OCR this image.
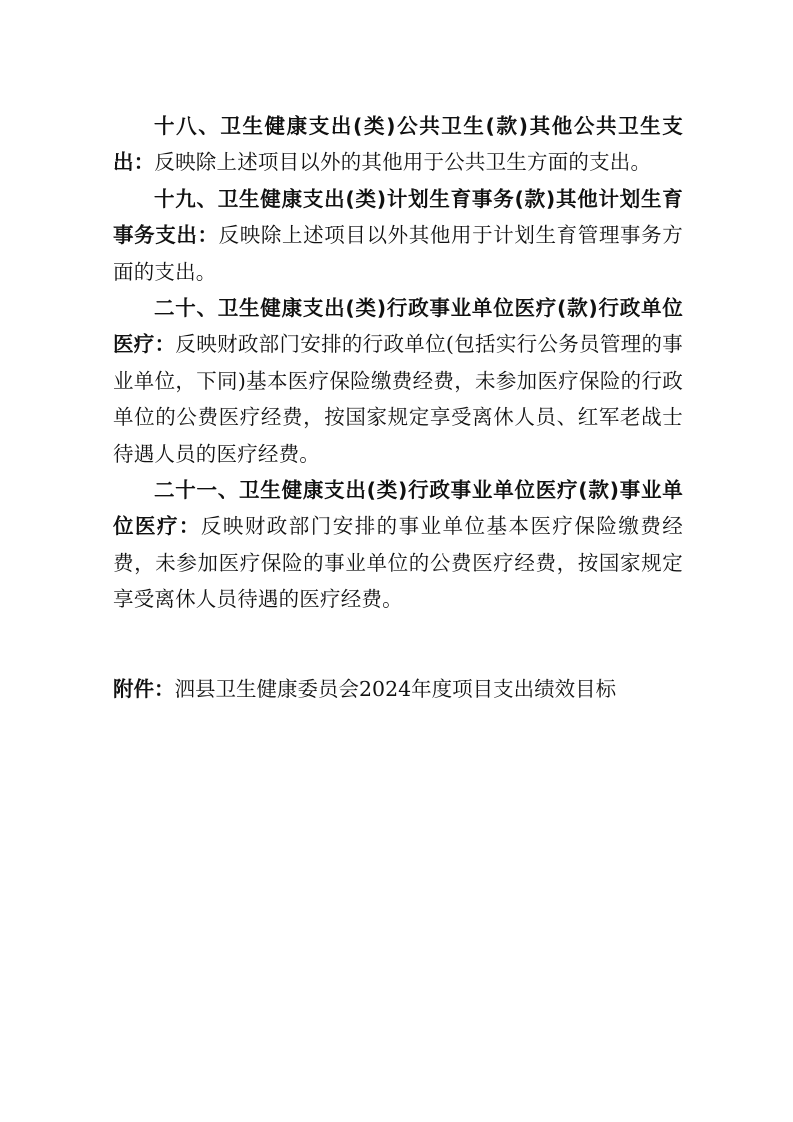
十八、卫生健康支出(类)公共卫生(款)其他公共卫生支出：反映除上述项目以外的其他用于公共卫生方面的支出。

十九、卫生健康支出(类)计划生育事务(款)其他计划生育事务支出：反映除上述项目以外其他用于计划生育管理事务方面的支出。

二十、卫生健康支出(类)行政事业单位医疗(款)行政单位医疗：反映财政部门安排的行政单位(包括实行公务员管理的事业单位，下同)基本医疗保险缴费经费，未参加医疗保险的行政单位的公费医疗经费，按国家规定享受离休人员、红军老战士待遇人员的医疗经费。

二十一、卫生健康支出(类)行政事业单位医疗(款)事业单位医疗：反映财政部门安排的事业单位基本医疗保险缴费经费，未参加医疗保险的事业单位的公费医疗经费，按国家规定享受离休人员待遇的医疗经费。

附件：泗县卫生健康委员会2024年度项目支出绩效目标
